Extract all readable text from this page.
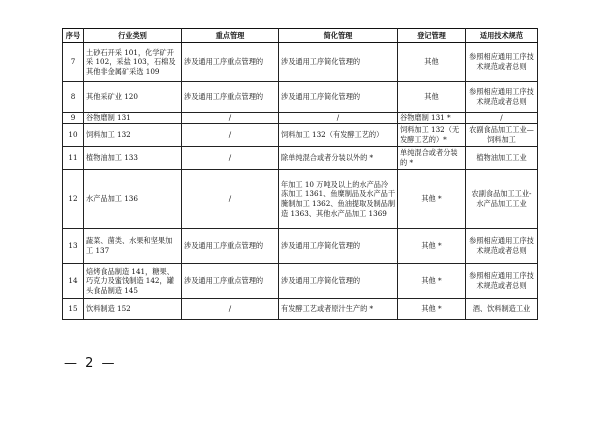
序号	行业类别	重点管理	简化管理	登记管理	适用技术规范
7	土砂石开采 101，化学矿开采 102，采盐 103，石棉及其他非金属矿采选 109	涉及通用工序重点管理的	涉及通用工序简化管理的	其他	参照相应通用工序技术规范或者总则
8	其他采矿业 120	涉及通用工序重点管理的	涉及通用工序简化管理的	其他	参照相应通用工序技术规范或者总则
9	谷物磨制 131	/	/	谷物磨制 131 *	/
10	饲料加工 132	/	饲料加工 132（有发酵工艺的）	饲料加工 132（无发酵工艺的）*	农副食品加工工业—饲料加工
11	植物油加工 133	/	除单纯混合或者分装以外的 *	单纯混合或者分装的 *	植物油加工工业
12	水产品加工 136	/	年加工 10 万吨及以上的水产品冷冻加工 1361、鱼糜制品及水产品干腌制加工 1362、鱼油提取及制品制造 1363、其他水产品加工 1369	其他 *	农副食品加工工业-水产品加工工业
13	蔬菜、菌类、水果和坚果加工 137	涉及通用工序重点管理的	涉及通用工序简化管理的	其他 *	参照相应通用工序技术规范或者总则
14	焙烤食品制造 141，糖果、巧克力及蜜饯制造 142，罐头食品制造 145	涉及通用工序重点管理的	涉及通用工序简化管理的	其他 *	参照相应通用工序技术规范或者总则
15	饮料制造 152	/	有发酵工艺或者原汁生产的 *	其他 *	酒、饮料制造工业
— 2 —
